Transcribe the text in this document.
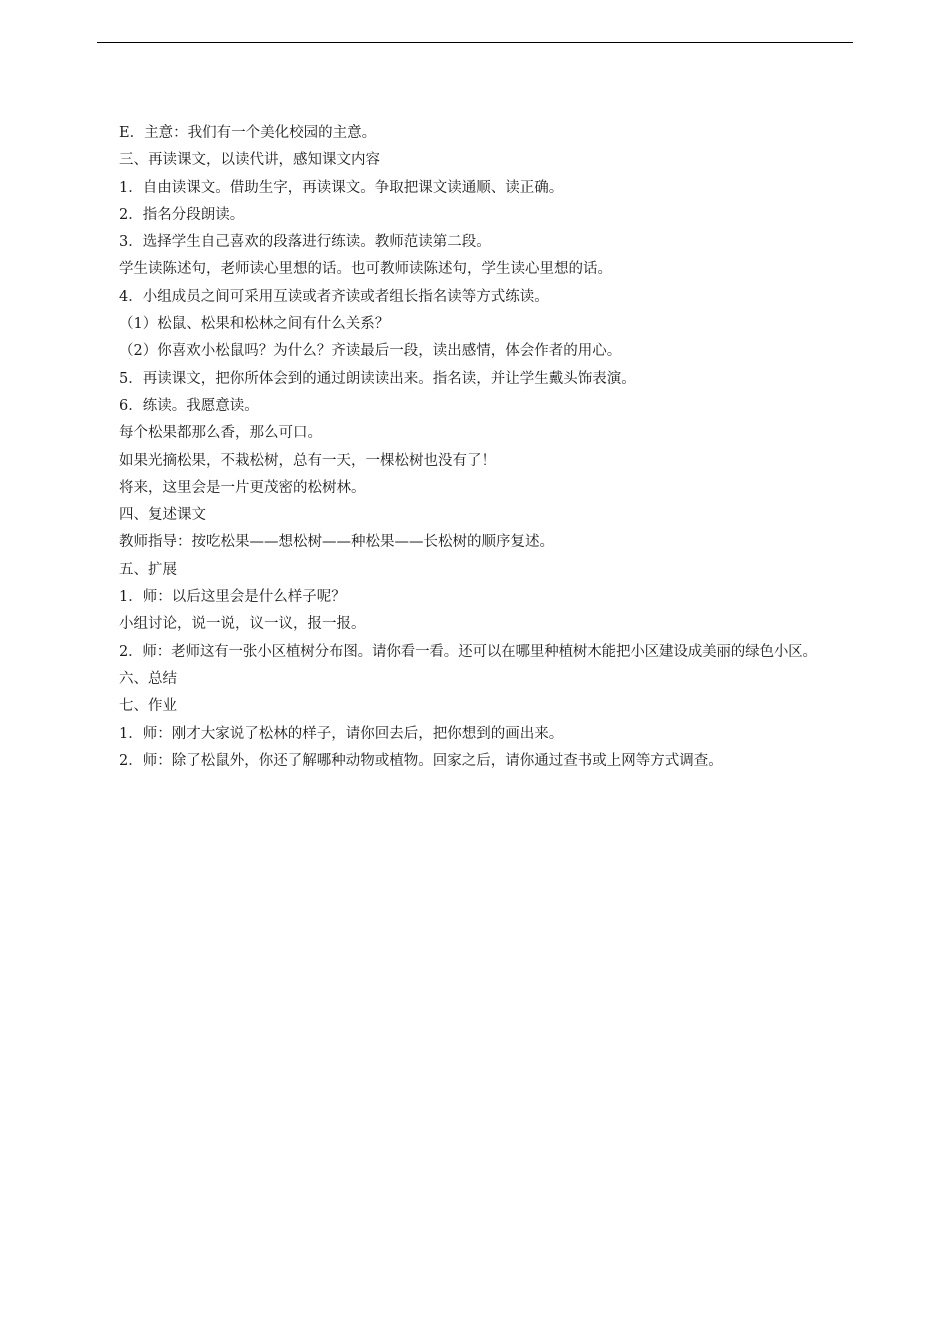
E．主意：我们有一个美化校园的主意。

三、再读课文，以读代讲，感知课文内容

1．自由读课文。借助生字，再读课文。争取把课文读通顺、读正确。

2．指名分段朗读。

3．选择学生自己喜欢的段落进行练读。教师范读第二段。

学生读陈述句，老师读心里想的话。也可教师读陈述句，学生读心里想的话。

4．小组成员之间可采用互读或者齐读或者组长指名读等方式练读。

（1）松鼠、松果和松林之间有什么关系？

（2）你喜欢小松鼠吗？为什么？齐读最后一段，读出感情，体会作者的用心。

5．再读课文，把你所体会到的通过朗读读出来。指名读，并让学生戴头饰表演。

6．练读。我愿意读。

每个松果都那么香，那么可口。

如果光摘松果，不栽松树，总有一天，一棵松树也没有了！

将来，这里会是一片更茂密的松树林。

四、复述课文

教师指导：按吃松果——想松树——种松果——长松树的顺序复述。

五、扩展

1．师：以后这里会是什么样子呢？

小组讨论，说一说，议一议，报一报。

2．师：老师这有一张小区植树分布图。请你看一看。还可以在哪里种植树木能把小区建设成美丽的绿色小区。

六、总结

七、作业

1．师：刚才大家说了松林的样子，请你回去后，把你想到的画出来。

2．师：除了松鼠外，你还了解哪种动物或植物。回家之后，请你通过查书或上网等方式调查。
